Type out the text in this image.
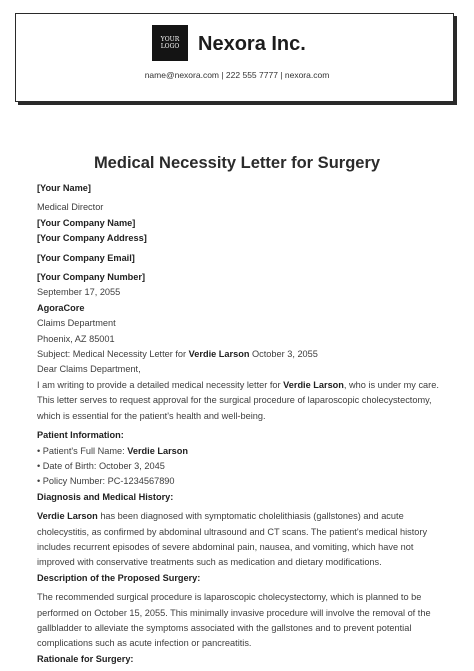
YOUR
LOGO Nexora Inc.
name@nexora.com | 222 555 7777 | nexora.com
Medical Necessity Letter for Surgery

[Your Name]

Medical Director

[Your Company Name]

[Your Company Address]

[Your Company Email]

[Your Company Number]

September 17, 2055

AgoraCore

Claims Department

Phoenix, AZ 85001

Subject: Medical Necessity Letter for Verdie Larson October 3, 2055

Dear Claims Department,

I am writing to provide a detailed medical necessity letter for Verdie Larson, who is under my care. This letter serves to request approval for the surgical procedure of laparoscopic cholecystectomy, which is essential for the patient's health and well-being.

Patient Information:

• Patient's Full Name: Verdie Larson

• Date of Birth: October 3, 2045

• Policy Number: PC-1234567890

Diagnosis and Medical History:

Verdie Larson has been diagnosed with symptomatic cholelithiasis (gallstones) and acute cholecystitis, as confirmed by abdominal ultrasound and CT scans. The patient's medical history includes recurrent episodes of severe abdominal pain, nausea, and vomiting, which have not improved with conservative treatments such as medication and dietary modifications.

Description of the Proposed Surgery:

The recommended surgical procedure is laparoscopic cholecystectomy, which is planned to be performed on October 15, 2055. This minimally invasive procedure will involve the removal of the gallbladder to alleviate the symptoms associated with the gallstones and to prevent potential complications such as acute infection or pancreatitis.

Rationale for Surgery:
